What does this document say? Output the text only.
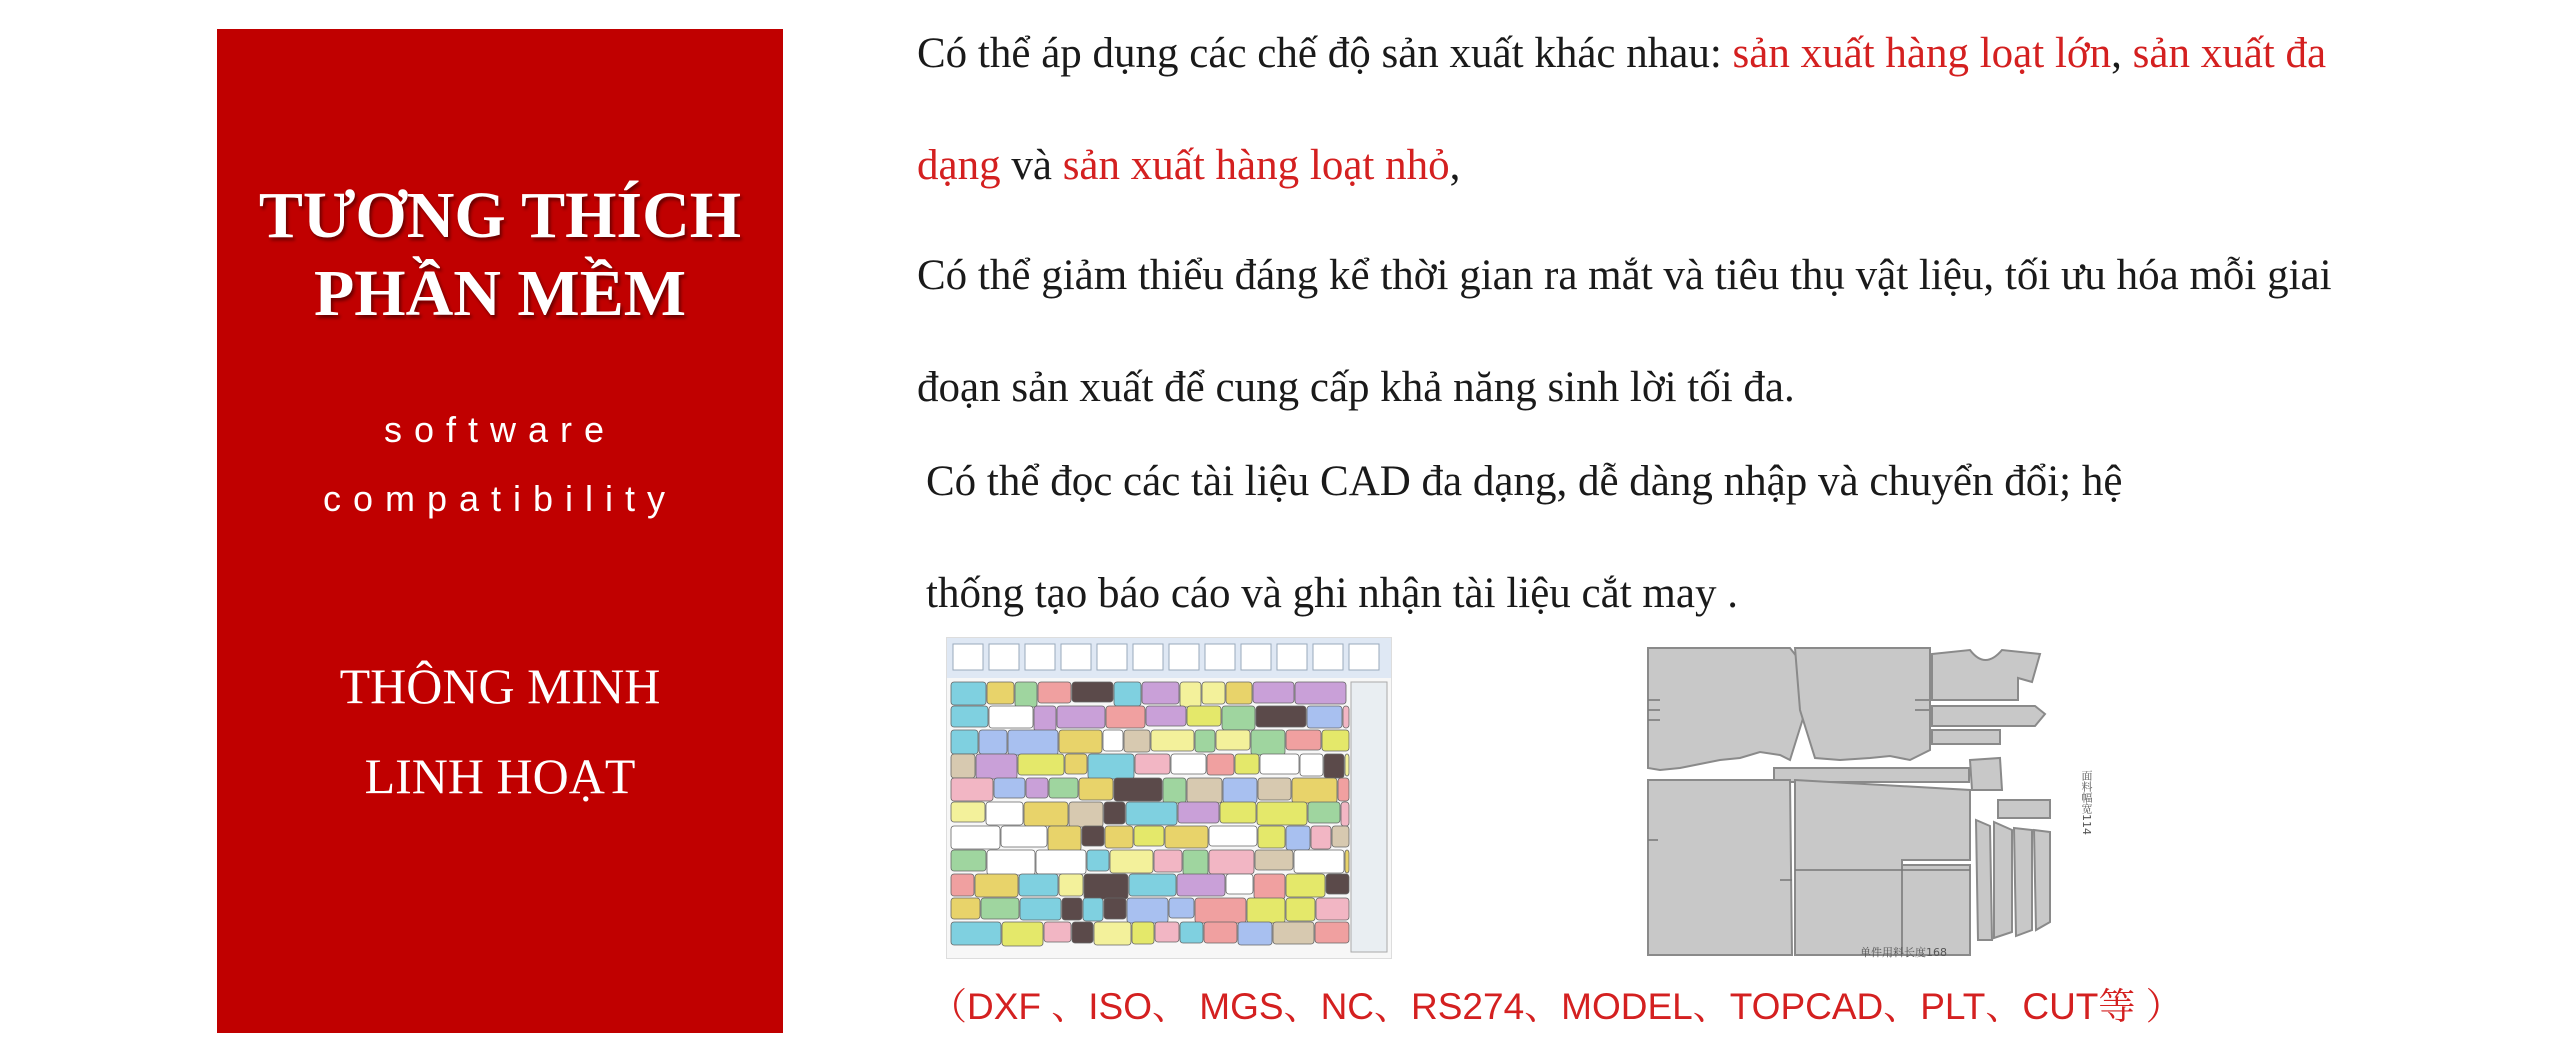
TƯƠNG THÍCH
PHẦN MỀM
software
compatibility
THÔNG MINH
LINH HOẠT
Có thể áp dụng các chế độ sản xuất khác nhau: sản xuất hàng loạt lớn, sản xuất đa
dạng và sản xuất hàng loạt nhỏ,
Có thể giảm thiểu đáng kể thời gian ra mắt và tiêu thụ vật liệu, tối ưu hóa mỗi giai
đoạn sản xuất để cung cấp khả năng sinh lời tối đa.
Có thể đọc các tài liệu CAD đa dạng, dễ dàng nhập và chuyển đổi; hệ
thống tạo báo cáo và ghi nhận tài liệu cắt may .
面料幅宽114
单件用料长度168
（DXF 、ISO、 MGS、NC、RS274、MODEL、TOPCAD、PLT、CUT等 ）
